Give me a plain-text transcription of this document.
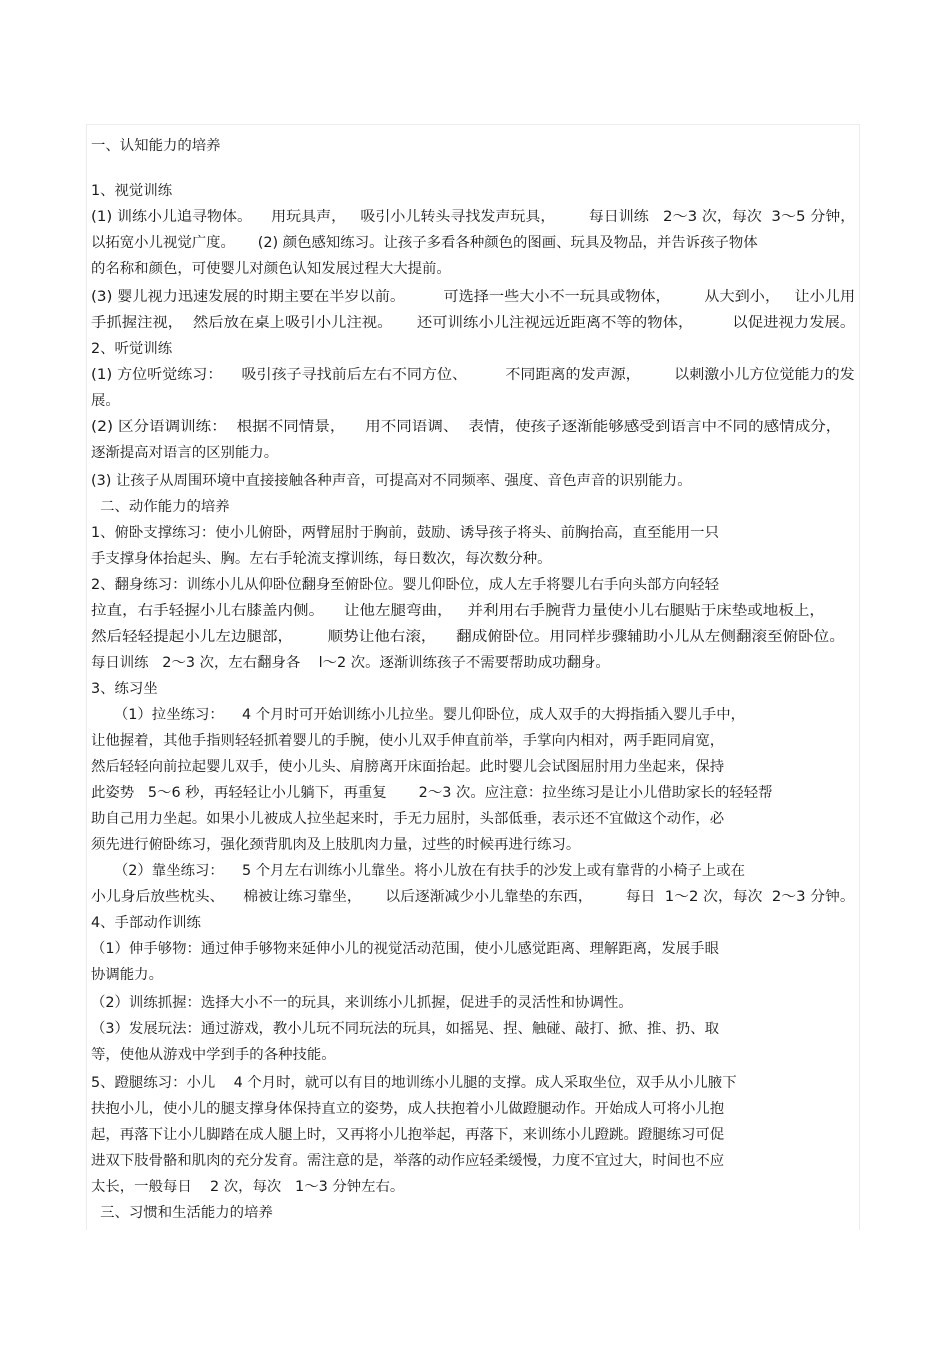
一、认知能力的培养
1、视觉训练
(1) 训练小儿追寻物体。    用玩具声，   吸引小儿转头寻找发声玩具，       每日训练   2～3 次，每次  3～5 分钟，
以拓宽小儿视觉广度。     (2) 颜色感知练习。让孩子多看各种颜色的图画、玩具及物品，并告诉孩子物体
的名称和颜色，可使婴儿对颜色认知发展过程大大提前。
(3) 婴儿视力迅速发展的时期主要在半岁以前。        可选择一些大小不一玩具或物体，       从大到小，   让小儿用
手抓握注视，  然后放在桌上吸引小儿注视。     还可训练小儿注视远近距离不等的物体，        以促进视力发展。
2、听觉训练
(1) 方位听觉练习：    吸引孩子寻找前后左右不同方位、        不同距离的发声源，       以刺激小儿方位觉能力的发
展。
(2) 区分语调训练：  根据不同情景，    用不同语调、  表情，使孩子逐渐能够感受到语言中不同的感情成分，
逐渐提高对语言的区别能力。
(3) 让孩子从周围环境中直接接触各种声音，可提高对不同频率、强度、音色声音的识别能力。
二、动作能力的培养
1、俯卧支撑练习：使小儿俯卧，两臂屈肘于胸前，鼓励、诱导孩子将头、前胸抬高，直至能用一只
手支撑身体抬起头、胸。左右手轮流支撑训练，每日数次，每次数分种。
2、翻身练习：训练小儿从仰卧位翻身至俯卧位。婴儿仰卧位，成人左手将婴儿右手向头部方向轻轻
拉直，右手轻握小儿右膝盖内侧。    让他左腿弯曲，   并利用右手腕背力量使小儿右腿贴于床垫或地板上，
然后轻轻提起小儿左边腿部，       顺势让他右滚，    翻成俯卧位。用同样步骤辅助小儿从左侧翻滚至俯卧位。
每日训练   2～3 次，左右翻身各    l～2 次。逐渐训练孩子不需要帮助成功翻身。
3、练习坐
（1）拉坐练习：    4 个月时可开始训练小儿拉坐。婴儿仰卧位，成人双手的大拇指插入婴儿手中，
让他握着，其他手指则轻轻抓着婴儿的手腕，使小儿双手伸直前举，手掌向内相对，两手距同肩宽，
然后轻轻向前拉起婴儿双手，使小儿头、肩膀离开床面抬起。此时婴儿会试图屈肘用力坐起来，保持
此姿势   5～6 秒，再轻轻让小儿躺下，再重复       2～3 次。应注意：拉坐练习是让小儿借助家长的轻轻帮
助自己用力坐起。如果小儿被成人拉坐起来时，手无力屈肘，头部低垂，表示还不宜做这个动作，必
须先进行俯卧练习，强化颈背肌肉及上肢肌肉力量，过些的时候再进行练习。
（2）靠坐练习：    5 个月左右训练小儿靠坐。将小儿放在有扶手的沙发上或有靠背的小椅子上或在
小儿身后放些枕头、    棉被让练习靠坐，     以后逐渐减少小儿靠垫的东西，       每日  1～2 次，每次  2～3 分钟。
4、手部动作训练
（1）伸手够物：通过伸手够物来延伸小儿的视觉活动范围，使小儿感觉距离、理解距离，发展手眼
协调能力。
（2）训练抓握：选择大小不一的玩具，来训练小儿抓握，促进手的灵活性和协调性。
（3）发展玩法：通过游戏，教小儿玩不同玩法的玩具，如摇晃、捏、触碰、敲打、掀、推、扔、取
等，使他从游戏中学到手的各种技能。
5、蹬腿练习：小儿    4 个月时，就可以有目的地训练小儿腿的支撑。成人采取坐位，双手从小儿腋下
扶抱小儿，使小儿的腿支撑身体保持直立的姿势，成人扶抱着小儿做蹬腿动作。开始成人可将小儿抱
起，再落下让小儿脚踏在成人腿上时，又再将小儿抱举起，再落下，来训练小儿蹬跳。蹬腿练习可促
进双下肢骨骼和肌肉的充分发育。需注意的是，举落的动作应轻柔缓慢，力度不宜过大，时间也不应
太长，一般每日    2 次，每次   1～3 分钟左右。
三、习惯和生活能力的培养
